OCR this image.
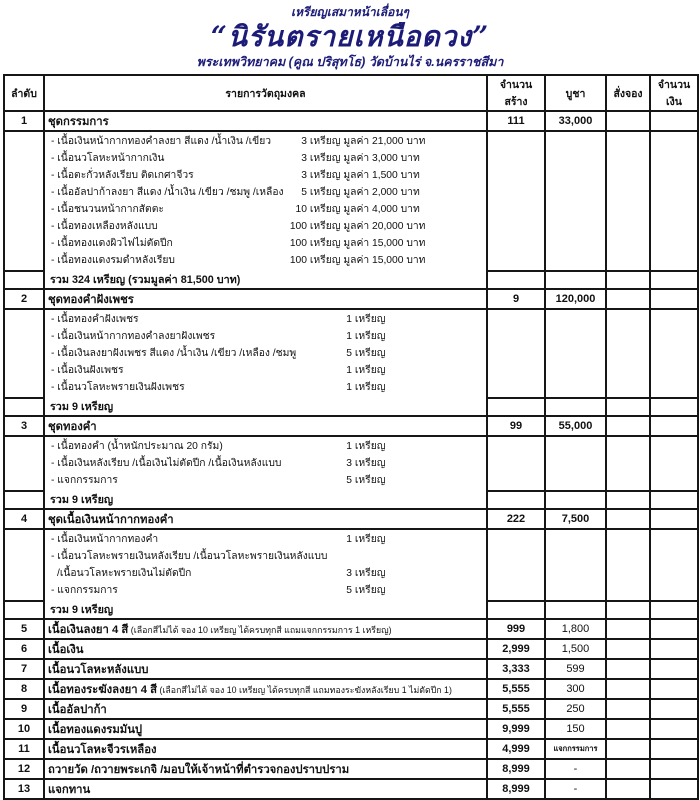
เหรียญเสมาหน้าเลื่อนๆ
“นิรันตรายเหนือดวง”
พระเทพวิทยาคม (คูณ ปริสุทโธ) วัดบ้านไร่ จ.นครราชสีมา
ลำดับ	รายการวัตถุมงคล	จำนวนสร้าง	บูชา	สั่งจอง	จำนวนเงิน
1	ชุดกรรมการ	111	33,000		

- เนื้อเงินหน้ากากทองคำลงยา สีแดง /น้ำเงิน /เขียว	3 เหรียญ มูลค่า 21,000 บาท
- เนื้อนวโลหะหน้ากากเงิน	3 เหรียญ มูลค่า 3,000 บาท
- เนื้อตะกั่วหลังเรียบ ติดเกศาจีวร	3 เหรียญ มูลค่า 1,500 บาท
- เนื้ออัลปาก้าลงยา สีแดง /น้ำเงิน /เขียว /ชมพู /เหลือง	5 เหรียญ มูลค่า 2,000 บาท
- เนื้อชนวนหน้ากากสัตตะ	10 เหรียญ มูลค่า 4,000 บาท
- เนื้อทองเหลืองหลังแบบ	100 เหรียญ มูลค่า 20,000 บาท
- เนื้อทองแดงผิวไฟไม่ตัดปีก	100 เหรียญ มูลค่า 15,000 บาท
- เนื้อทองแดงรมดำหลังเรียบ	100 เหรียญ มูลค่า 15,000 บาท

	รวม 324 เหรียญ (รวมมูลค่า 81,500 บาท)				
2	ชุดทองคำฝังเพชร	9	120,000		

- เนื้อทองคำฝังเพชร	1 เหรียญ
- เนื้อเงินหน้ากากทองคำลงยาฝังเพชร	1 เหรียญ
- เนื้อเงินลงยาฝังเพชร สีแดง /น้ำเงิน /เขียว /เหลือง /ชมพู	5 เหรียญ
- เนื้อเงินฝังเพชร	1 เหรียญ
- เนื้อนวโลหะพรายเงินฝังเพชร	1 เหรียญ

	รวม 9 เหรียญ				
3	ชุดทองคำ	99	55,000		

- เนื้อทองคำ (น้ำหนักประมาณ 20 กรัม)	1 เหรียญ
- เนื้อเงินหลังเรียบ /เนื้อเงินไม่ตัดปีก /เนื้อเงินหลังแบบ	3 เหรียญ
- แจกกรรมการ	5 เหรียญ

	รวม 9 เหรียญ				
4	ชุดเนื้อเงินหน้ากากทองคำ	222	7,500		

- เนื้อเงินหน้ากากทองคำ	1 เหรียญ
- เนื้อนวโลหะพรายเงินหลังเรียบ /เนื้อนวโลหะพรายเงินหลังแบบ
/เนื้อนวโลหะพรายเงินไม่ตัดปีก	3 เหรียญ
- แจกกรรมการ	5 เหรียญ

	รวม 9 เหรียญ				
5	เนื้อเงินลงยา 4 สี (เลือกสีไม่ได้ จอง 10 เหรียญ ได้ครบทุกสี แถมแจกกรรมการ 1 เหรียญ)	999	1,800		
6	เนื้อเงิน	2,999	1,500		
7	เนื้อนวโลหะหลังแบบ	3,333	599		
8	เนื้อทองระฆังลงยา 4 สี (เลือกสีไม่ได้ จอง 10 เหรียญ ได้ครบทุกสี แถมทองระฆังหลังเรียบ 1 ไม่ตัดปีก 1)	5,555	300		
9	เนื้ออัลปาก้า	5,555	250		
10	เนื้อทองแดงรมมันปู	9,999	150		
11	เนื้อนวโลหะจีวรเหลือง	4,999	แจกกรรมการ		
12	ถวายวัด /ถวายพระเกจิ /มอบให้เจ้าหน้าที่ตำรวจกองปราบปราม	8,999	-		
13	แจกทาน	8,999	-		
